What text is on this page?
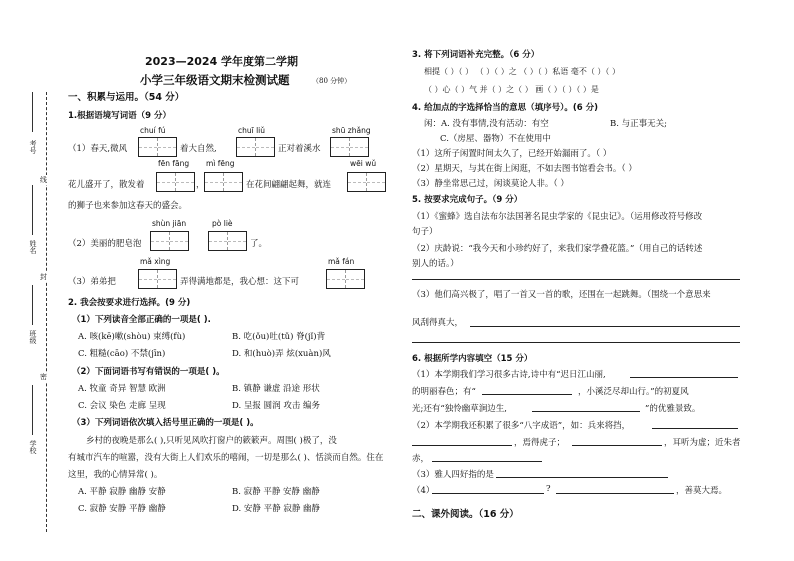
考号
姓名
班级
学校
线
封
密
2023—2024 学年度第二学期
小学三年级语文期末检测试题	（80 分钟）
一、积累与运用。（54 分）
1.根据语境写词语（9 分）
chuí fú	chuī liǔ	shū zhǎng
（1）春天,微风	着大自然,	正对着溪水
fēn fāng mì fēng	wēi wǔ
花儿盛开了，散发着	，	在花间翩翩起舞，就连
的狮子也来参加这春天的盛会。
shùn jiān	pò liè
（2）美丽的肥皂泡	了。
mǎ xìng	mǎ fán
（3）弟弟把	弄得满地都是，我心想：这下可
2. 我会按要求进行选择。(9 分)
（1）下列读音全部正确的一项是( ).
A. 咳(kē)嗽(shòu) 束缚(fù)	B. 吃(ǒu)吐(tǔ) 脊(jǐ)背
C. 粗糙(cāo) 不禁(jīn)	D. 和(huò)弄 炫(xuàn)风
（2）下面词语书写有错误的一项是( )。
A. 牧童 奇异 智慧 欧洲	B. 镇静 谦虚 沿途 形状
C. 会议 染色 走廊 呈现	D. 呈报 圆润 攻击 编务
（3）下列词语依次填入括号里正确的一项是( )。
乡村的夜晚是那么( ),只听见风吹打窗户的簌簌声。周围( )极了，没
有城市汽车的喧嚣，没有大街上人们欢乐的嘻闹，一切是那么( )、恬淡而自然。住在
这里，我的心情异常( )。
A. 平静 寂静 幽静 安静	B. 寂静 平静 安静 幽静
C. 寂静 安静 平静 幽静	D. 安静 平静 寂静 幽静
3. 将下列词语补充完整。（6 分）
相提（ ）（ ） （ ）（ ）之 （ ）（ ）私语 毫不（ ）（ ）
（ ）心（ ）气 并（ ）之（ ） 画（ ）（ ）（ ）是
4. 给加点的字选择恰当的意思（填序号）。(6 分)
闲：A. 没有事情,没有活动：有空	B. 与正事无关;
C.（房屋、器物）不在使用中
（1）这所子闲置时间太久了，已经开始漏雨了。（ ）
（2）星期天，与其在街上闲逛，不如去图书馆看会书。（ ）
（3）静坐常思己过，闲谈莫论人非。（ ）
5. 按要求完成句子。（9 分）
（1）《蜜蜂》选自法布尔法国著名昆虫学家的《昆虫记》。（运用修改符号修改
句子）
（2）庆龄说：“我今天和小珍约好了，来我们家学叠花篮。”（用自己的话转述
别人的话。）
（3）他们高兴极了，唱了一首又一首的歌，还围在一起跳舞。（围绕一个意思来
风刮得真大，
6. 根据所学内容填空（15 分）
（1）本学期我们学习很多古诗,诗中有“迟日江山丽,
的明丽春色；有“	，小溪泛尽却山行。”的初夏风
光;还有“独怜幽草涧边生,	”的优雅景致。
（2）本学期我还积累了很多“八字成语”，如：兵来将挡，
，焉得虎子；	，耳听为虚；近朱者
赤，
（3）雅人四好指的是
（4）	?	，善莫大焉。
二、课外阅读。（16 分）
